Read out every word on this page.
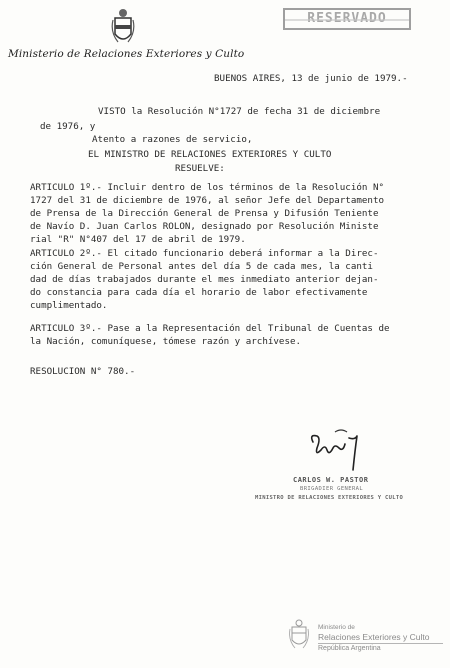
Ministerio de Relaciones Exteriores y Culto
BUENOS AIRES, 13 de junio de 1979.-
VISTO la Resolución N°1727 de fecha 31 de diciembre
de 1976, y
Atento a razones de servicio,
EL MINISTRO DE RELACIONES EXTERIORES Y CULTO
RESUELVE:
ARTICULO 1º.- Incluir dentro de los términos de la Resolución N°
1727 del 31 de diciembre de 1976, al señor Jefe del Departamento
de Prensa de la Dirección General de Prensa y Difusión Teniente
de Navío D. Juan Carlos ROLON, designado por Resolución Ministe
rial "R" N°407 del 17 de abril de 1979.
ARTICULO 2º.- El citado funcionario deberá informar a la Direc-
ción General de Personal antes del día 5 de cada mes, la canti
dad de días trabajados durante el mes inmediato anterior dejan-
do constancia para cada día el horario de labor efectivamente
cumplimentado.
ARTICULO 3º.- Pase a la Representación del Tribunal de Cuentas de
la Nación, comuníquese, tómese razón y archívese.
RESOLUCION N° 780.-
CARLOS W. PASTOR
BRIGADIER GENERAL
MINISTRO DE RELACIONES EXTERIORES Y CULTO
Ministerio de
Relaciones Exteriores y Culto
República Argentina
